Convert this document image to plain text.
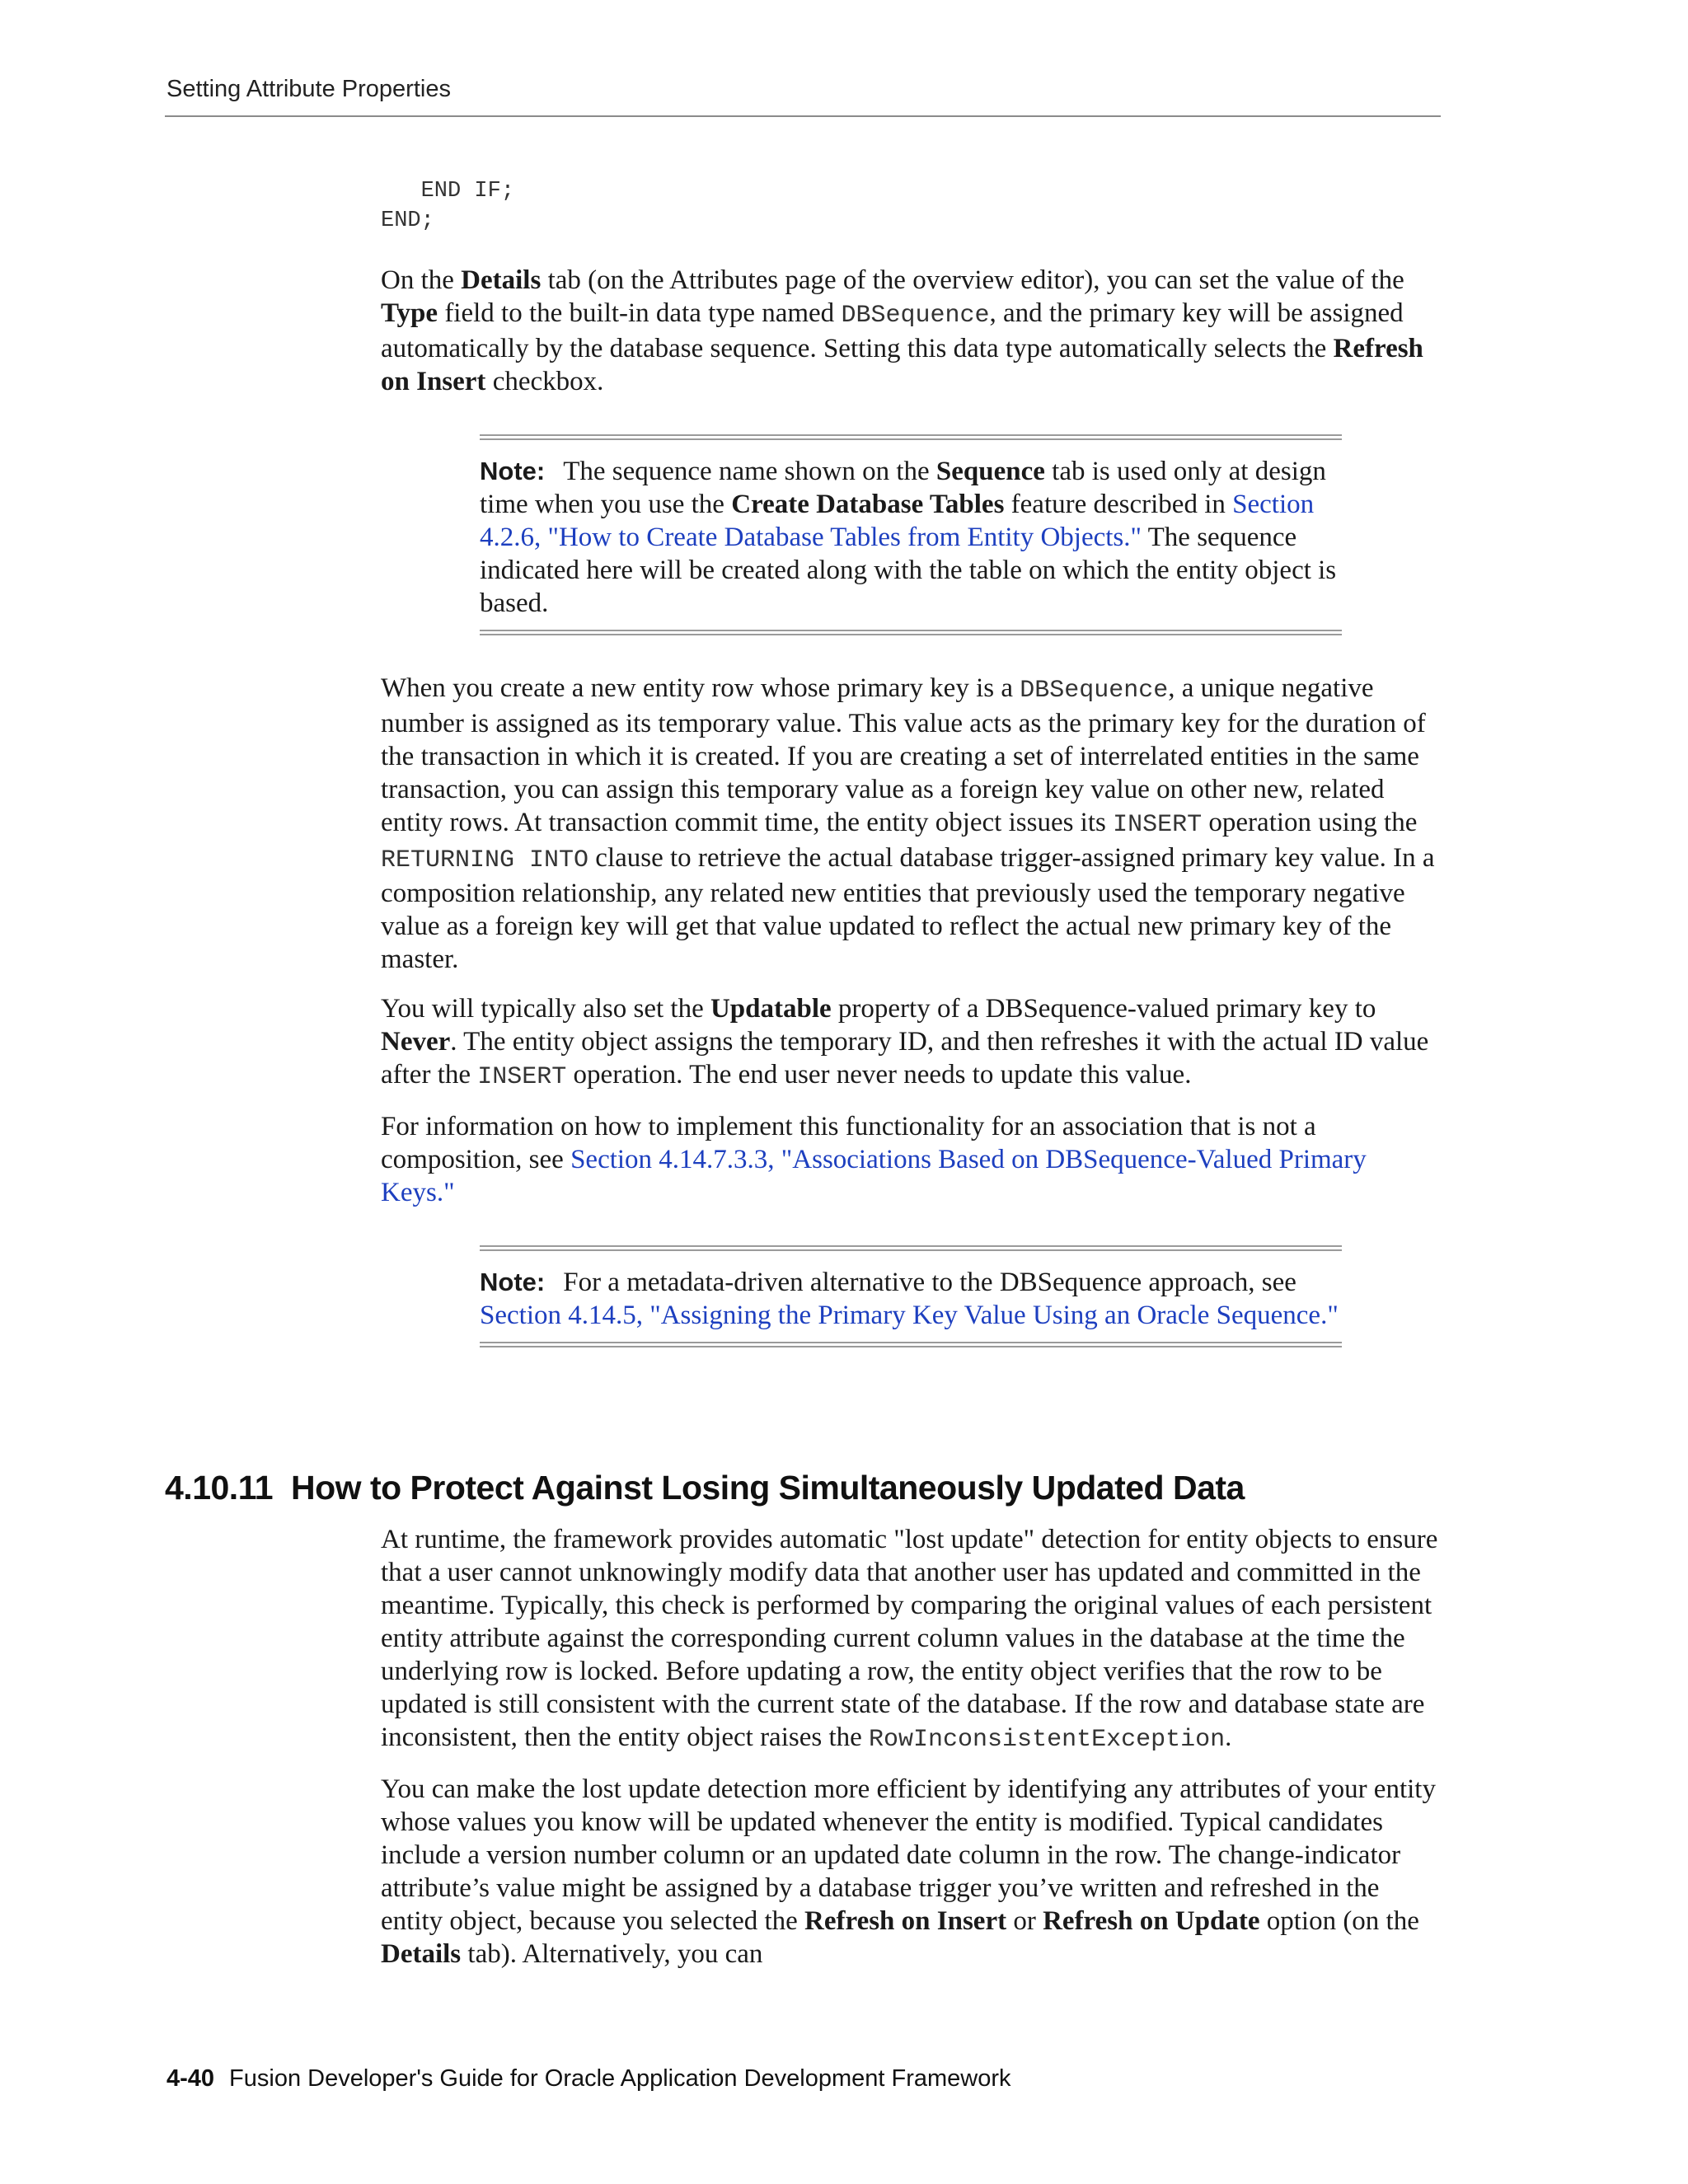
Setting Attribute Properties
END IF;
END;

On the Details tab (on the Attributes page of the overview editor), you can set the value of the Type field to the built-in data type named DBSequence, and the primary key will be assigned automatically by the database sequence. Setting this data type automatically selects the Refresh on Insert checkbox.

Note: The sequence name shown on the Sequence tab is used only at design time when you use the Create Database Tables feature described in Section 4.2.6, "How to Create Database Tables from Entity Objects." The sequence indicated here will be created along with the table on which the entity object is based.

When you create a new entity row whose primary key is a DBSequence, a unique negative number is assigned as its temporary value. This value acts as the primary key for the duration of the transaction in which it is created. If you are creating a set of interrelated entities in the same transaction, you can assign this temporary value as a foreign key value on other new, related entity rows. At transaction commit time, the entity object issues its INSERT operation using the RETURNING INTO clause to retrieve the actual database trigger-assigned primary key value. In a composition relationship, any related new entities that previously used the temporary negative value as a foreign key will get that value updated to reflect the actual new primary key of the master.

You will typically also set the Updatable property of a DBSequence-valued primary key to Never. The entity object assigns the temporary ID, and then refreshes it with the actual ID value after the INSERT operation. The end user never needs to update this value.

For information on how to implement this functionality for an association that is not a composition, see Section 4.14.7.3.3, "Associations Based on DBSequence-Valued Primary Keys."

Note: For a metadata-driven alternative to the DBSequence approach, see Section 4.14.5, "Assigning the Primary Key Value Using an Oracle Sequence."
4.10.11 How to Protect Against Losing Simultaneously Updated Data

At runtime, the framework provides automatic "lost update" detection for entity objects to ensure that a user cannot unknowingly modify data that another user has updated and committed in the meantime. Typically, this check is performed by comparing the original values of each persistent entity attribute against the corresponding current column values in the database at the time the underlying row is locked. Before updating a row, the entity object verifies that the row to be updated is still consistent with the current state of the database. If the row and database state are inconsistent, then the entity object raises the RowInconsistentException.

You can make the lost update detection more efficient by identifying any attributes of your entity whose values you know will be updated whenever the entity is modified. Typical candidates include a version number column or an updated date column in the row. The change-indicator attribute’s value might be assigned by a database trigger you’ve written and refreshed in the entity object, because you selected the Refresh on Insert or Refresh on Update option (on the Details tab). Alternatively, you can

4-40 Fusion Developer's Guide for Oracle Application Development Framework
